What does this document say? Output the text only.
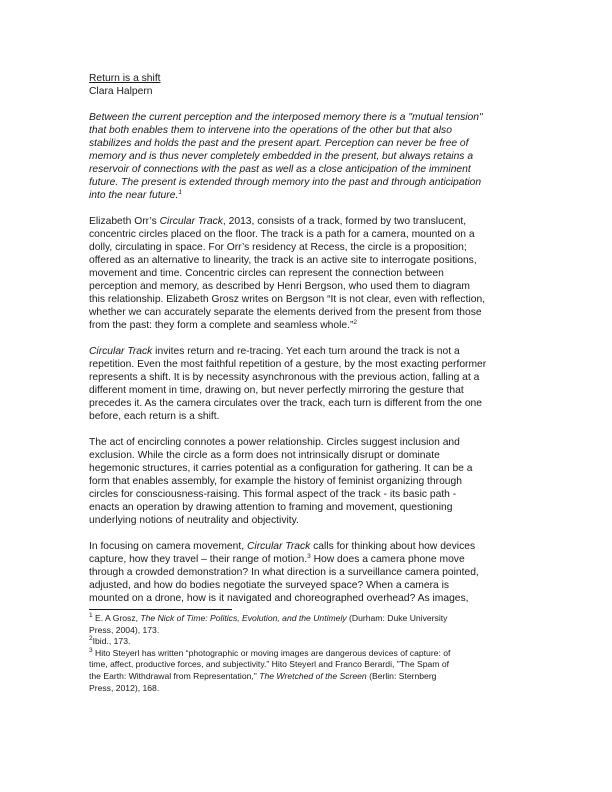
Return is a shift
Clara Halpern
Between the current perception and the interposed memory there is a "mutual tension"
that both enables them to intervene into the operations of the other but that also
stabilizes and holds the past and the present apart. Perception can never be free of
memory and is thus never completely embedded in the present, but always retains a
reservoir of connections with the past as well as a close anticipation of the imminent
future. The present is extended through memory into the past and through anticipation
into the near future.$^1$
Elizabeth Orr’s Circular Track, 2013, consists of a track, formed by two translucent,
concentric circles placed on the floor. The track is a path for a camera, mounted on a
dolly, circulating in space. For Orr’s residency at Recess, the circle is a proposition;
offered as an alternative to linearity, the track is an active site to interrogate positions,
movement and time. Concentric circles can represent the connection between
perception and memory, as described by Henri Bergson, who used them to diagram
this relationship. Elizabeth Grosz writes on Bergson “It is not clear, even with reflection,
whether we can accurately separate the elements derived from the present from those
from the past: they form a complete and seamless whole.”$^2$
Circular Track invites return and re-tracing. Yet each turn around the track is not a
repetition. Even the most faithful repetition of a gesture, by the most exacting performer
represents a shift. It is by necessity asynchronous with the previous action, falling at a
different moment in time, drawing on, but never perfectly mirroring the gesture that
precedes it. As the camera circulates over the track, each turn is different from the one
before, each return is a shift.
The act of encircling connotes a power relationship. Circles suggest inclusion and
exclusion. While the circle as a form does not intrinsically disrupt or dominate
hegemonic structures, it carries potential as a configuration for gathering. It can be a
form that enables assembly, for example the history of feminist organizing through
circles for consciousness-raising. This formal aspect of the track - its basic path -
enacts an operation by drawing attention to framing and movement, questioning
underlying notions of neutrality and objectivity.
In focusing on camera movement, Circular Track calls for thinking about how devices
capture, how they travel – their range of motion.$^3$ How does a camera phone move
through a crowded demonstration? In what direction is a surveillance camera pointed,
adjusted, and how do bodies negotiate the surveyed space? When a camera is
mounted on a drone, how is it navigated and choreographed overhead? As images,
$^1$ E. A Grosz, The Nick of Time: Politics, Evolution, and the Untimely (Durham: Duke University
Press, 2004), 173.
$^2$Ibid., 173.
$^3$ Hito Steyerl has written “photographic or moving images are dangerous devices of capture: of
time, affect, productive forces, and subjectivity.” Hito Steyerl and Franco Berardi, "The Spam of
the Earth: Withdrawal from Representation," The Wretched of the Screen (Berlin: Sternberg
Press, 2012), 168.
